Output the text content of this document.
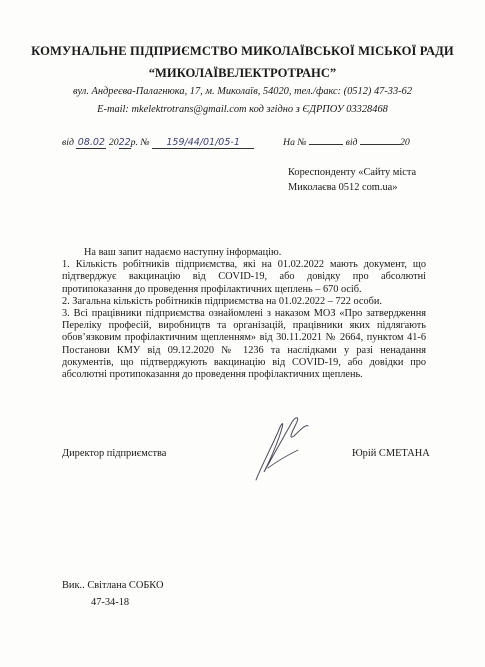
КОМУНАЛЬНЕ ПІДПРИЄМСТВО МИКОЛАЇВСЬКОЇ МІСЬКОЇ РАДИ
“МИКОЛАЇВЕЛЕКТРОТРАНС”
вул. Андреєва-Палагнюка, 17, м. Миколаїв, 54020, тел./факс: (0512) 47-33-62
E-mail: mkelektrotrans@gmail.com код згідно з ЄДРПОУ 03328468
від 08.02 2022р. № 159/44/01/05-1	На №	від	20
Кореспонденту «Сайту міста Миколаєва 0512 com.ua»

На ваш запит надаємо наступну інформацію.

1. Кількість робітників підприємства, які на 01.02.2022 мають документ, що підтверджує вакцинацію від COVID-19, або довідку про абсолютні протипоказання до проведення профілактичних щеплень – 670 осіб.

2. Загальна кількість робітників підприємства на 01.02.2022 – 722 особи.

3. Всі працівники підприємства ознайомлені з наказом МОЗ «Про затвердження Переліку професій, виробництв та організацій, працівники яких підлягають обов’язковим профілактичним щепленням» від 30.11.2021 № 2664, пунктом 41-6 Постанови КМУ від 09.12.2020 № 1236 та наслідками у разі ненадання документів, що підтверджують вакцинацію від COVID-19, або довідки про абсолютні протипоказання до проведення профілактичних щеплень.

Директор підприємства	Юрій СМЕТАНА
Вик.. Світлана СОБКО
47-34-18
